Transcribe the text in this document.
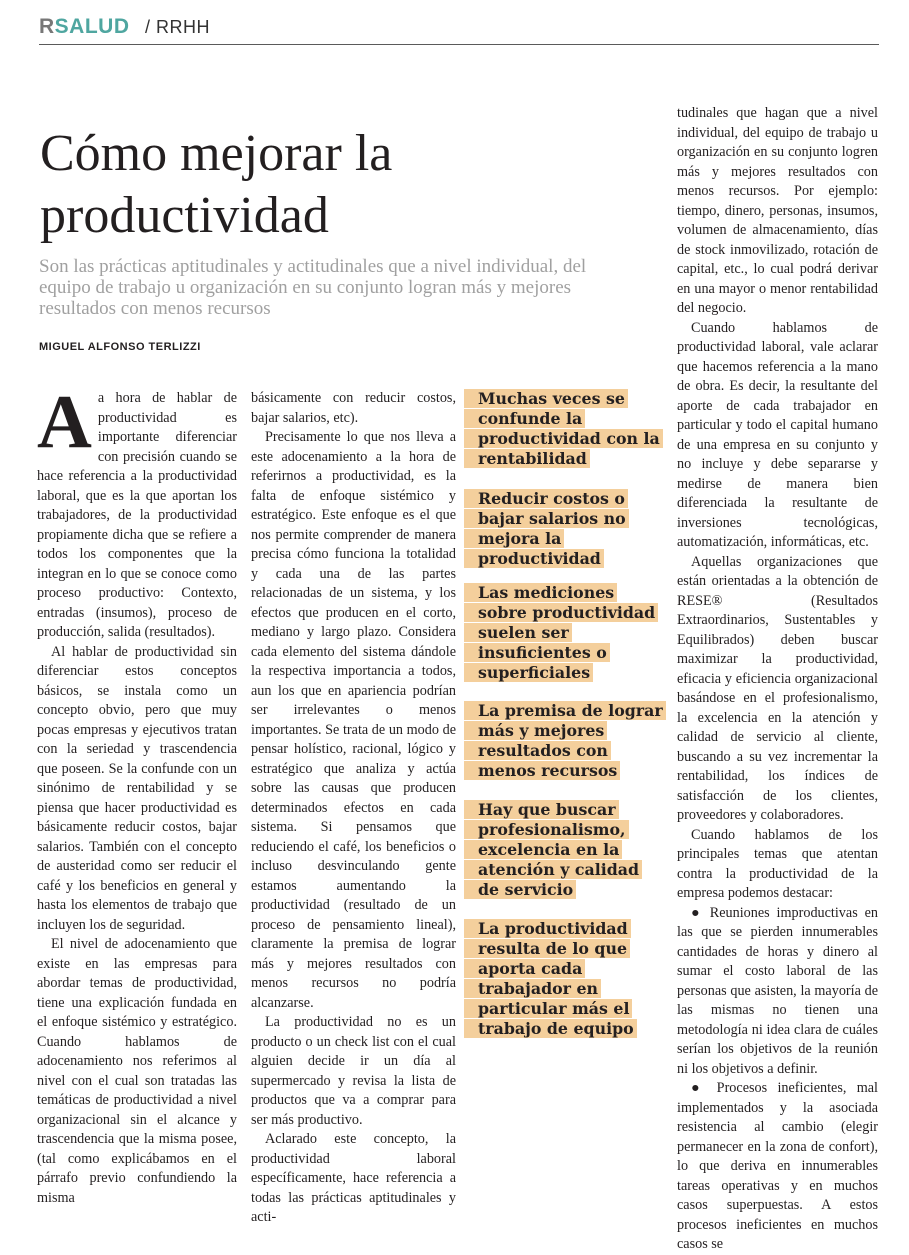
RSALUD / RRHH
Cómo mejorar la productividad

Son las prácticas aptitudinales y actitudinales que a nivel individual, del equipo de trabajo u organización en su conjunto logran más y mejores resultados con menos recursos

MIGUEL ALFONSO TERLIZZI

Aa hora de hablar de productividad es importante diferenciar con precisión cuando se hace referencia a la productividad laboral, que es la que aportan los trabajadores, de la productividad propiamente dicha que se refiere a todos los componentes que la integran en lo que se conoce como proceso productivo: Contexto, entradas (insumos), proceso de producción, salida (resultados).

Al hablar de productividad sin diferenciar estos conceptos básicos, se instala como un concepto obvio, pero que muy pocas empresas y ejecutivos tratan con la seriedad y trascendencia que poseen. Se la confunde con un sinónimo de rentabilidad y se piensa que hacer productividad es básicamente reducir costos, bajar salarios. También con el concepto de austeridad como ser reducir el café y los beneficios en general y hasta los elementos de trabajo que incluyen los de seguridad.

El nivel de adocenamiento que existe en las empresas para abordar temas de productividad, tiene una explicación fundada en el enfoque sistémico y estratégico. Cuando hablamos de adocenamiento nos referimos al nivel con el cual son tratadas las temáticas de productividad a nivel organizacional sin el alcance y trascendencia que la misma posee, (tal como explicábamos en el párrafo previo confundiendo la misma

básicamente con reducir costos, bajar salarios, etc).

Precisamente lo que nos lleva a este adocenamiento a la hora de referirnos a productividad, es la falta de enfoque sistémico y estratégico. Este enfoque es el que nos permite comprender de manera precisa cómo funciona la totalidad y cada una de las partes relacionadas de un sistema, y los efectos que producen en el corto, mediano y largo plazo. Considera cada elemento del sistema dándole la respectiva importancia a todos, aun los que en apariencia podrían ser irrelevantes o menos importantes. Se trata de un modo de pensar holístico, racional, lógico y estratégico que analiza y actúa sobre las causas que producen determinados efectos en cada sistema. Si pensamos que reduciendo el café, los beneficios o incluso desvinculando gente estamos aumentando la productividad (resultado de un proceso de pensamiento lineal), claramente la premisa de lograr más y mejores resultados con menos recursos no podría alcanzarse.

La productividad no es un producto o un check list con el cual alguien decide ir un día al supermercado y revisa la lista de productos que va a comprar para ser más productivo.

Aclarado este concepto, la productividad laboral específicamente, hace referencia a todas las prácticas aptitudinales y acti-

Muchas veces se confunde la productividad con la rentabilidad

Reducir costos o bajar salarios no mejora la productividad

Las mediciones sobre productividad suelen ser insuficientes o superficiales

La premisa de lograr más y mejores resultados con menos recursos

Hay que buscar profesionalismo, excelencia en la atención y calidad de servicio

La productividad resulta de lo que aporta cada trabajador en particular más el trabajo de equipo

tudinales que hagan que a nivel individual, del equipo de trabajo u organización en su conjunto logren más y mejores resultados con menos recursos. Por ejemplo: tiempo, dinero, personas, insumos, volumen de almacenamiento, días de stock inmovilizado, rotación de capital, etc., lo cual podrá derivar en una mayor o menor rentabilidad del negocio.

Cuando hablamos de productividad laboral, vale aclarar que hacemos referencia a la mano de obra. Es decir, la resultante del aporte de cada trabajador en particular y todo el capital humano de una empresa en su conjunto y no incluye y debe separarse y medirse de manera bien diferenciada la resultante de inversiones tecnológicas, automatización, informáticas, etc.

Aquellas organizaciones que están orientadas a la obtención de RESE® (Resultados Extraordinarios, Sustentables y Equilibrados) deben buscar maximizar la productividad, eficacia y eficiencia organizacional basándose en el profesionalismo, la excelencia en la atención y calidad de servicio al cliente, buscando a su vez incrementar la rentabilidad, los índices de satisfacción de los clientes, proveedores y colaboradores.

Cuando hablamos de los principales temas que atentan contra la productividad de la empresa podemos destacar:

● Reuniones improductivas en las que se pierden innumerables cantidades de horas y dinero al sumar el costo laboral de las personas que asisten, la mayoría de las mismas no tienen una metodología ni idea clara de cuáles serían los objetivos de la reunión ni los objetivos a definir.

● Procesos ineficientes, mal implementados y la asociada resistencia al cambio (elegir permanecer en la zona de confort), lo que deriva en innumerables tareas operativas y en muchos casos superpuestas. A estos procesos ineficientes en muchos casos se
